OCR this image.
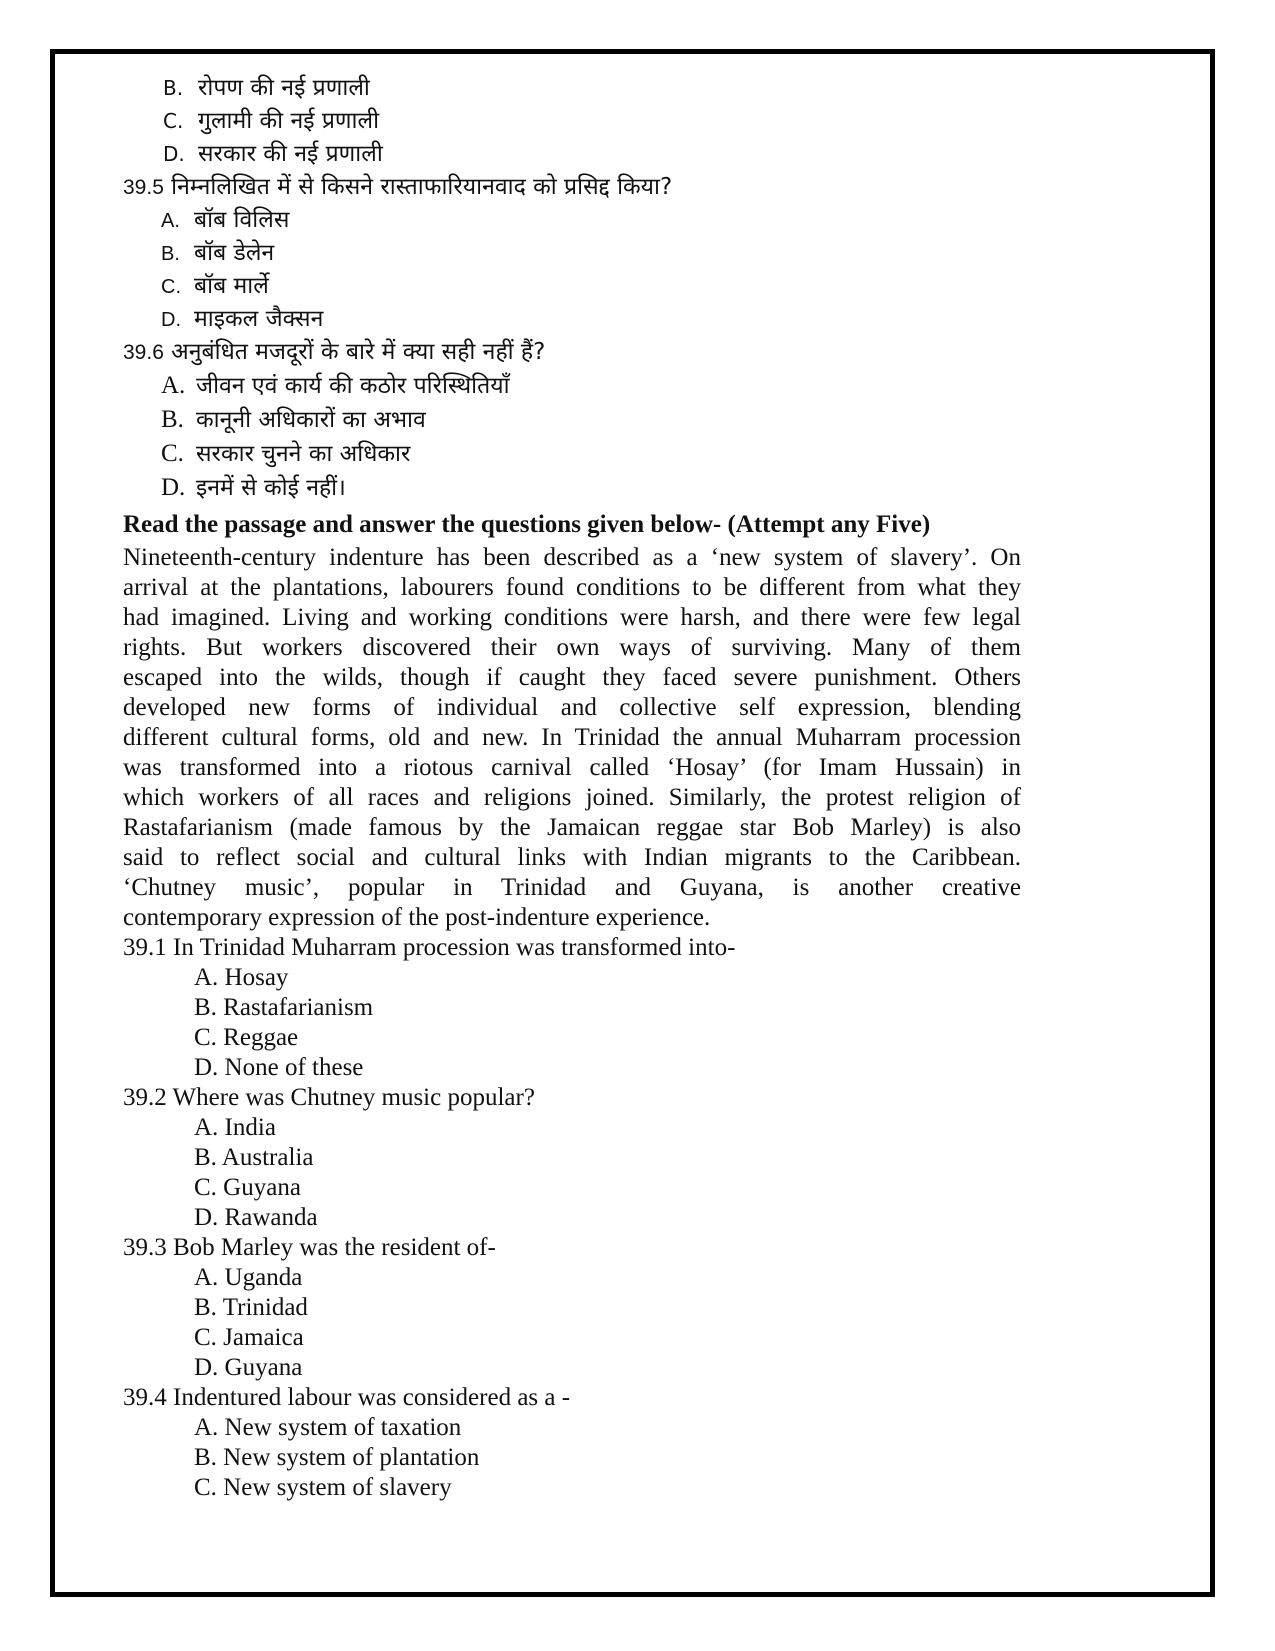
B. रोपण की नई प्रणाली
C. गुलामी की नई प्रणाली
D. सरकार की नई प्रणाली
39.5 निम्नलिखित में से किसने रास्ताफारियानवाद को प्रसिद्द किया?
A. बॉब विलिस
B. बॉब डेलेन
C. बॉब मार्ले
D. माइकल जैक्सन
39.6 अनुबंधित मजदूरों के बारे में क्या सही नहीं हैं?
A. जीवन एवं कार्य की कठोर परिस्थितियाँ
B. कानूनी अधिकारों का अभाव
C. सरकार चुनने का अधिकार
D. इनमें से कोई नहीं।
Read the passage and answer the questions given below- (Attempt any Five)
Nineteenth-century indenture has been described as a ‘new system of slavery’. On
arrival at the plantations, labourers found conditions to be different from what they
had imagined. Living and working conditions were harsh, and there were few legal
rights. But workers discovered their own ways of surviving. Many of them
escaped into the wilds, though if caught they faced severe punishment. Others
developed new forms of individual and collective self expression, blending
different cultural forms, old and new. In Trinidad the annual Muharram procession
was transformed into a riotous carnival called ‘Hosay’ (for Imam Hussain) in
which workers of all races and religions joined. Similarly, the protest religion of
Rastafarianism (made famous by the Jamaican reggae star Bob Marley) is also
said to reflect social and cultural links with Indian migrants to the Caribbean.
‘Chutney music’, popular in Trinidad and Guyana, is another creative
contemporary expression of the post-indenture experience.
39.1 In Trinidad Muharram procession was transformed into-
A. Hosay
B. Rastafarianism
C. Reggae
D. None of these
39.2 Where was Chutney music popular?
A. India
B. Australia
C. Guyana
D. Rawanda
39.3 Bob Marley was the resident of-
A. Uganda
B. Trinidad
C. Jamaica
D. Guyana
39.4 Indentured labour was considered as a -
A. New system of taxation
B. New system of plantation
C. New system of slavery
